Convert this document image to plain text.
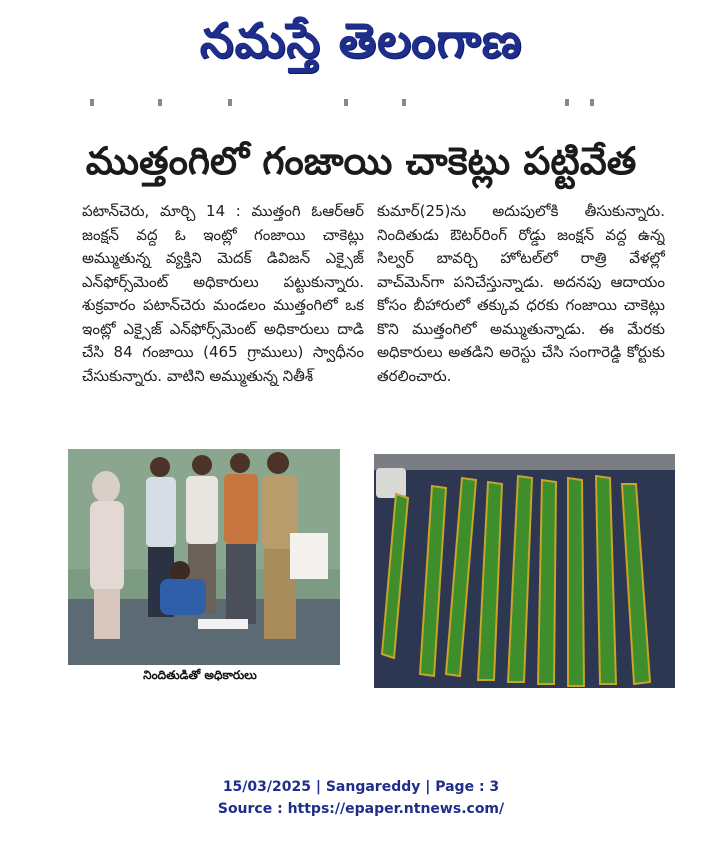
నమస్తే తెలంగాణ
ముత్తంగిలో గంజాయి చాకెట్లు పట్టివేత
పటాన్‌చెరు, మార్చి 14 : ముత్తంగి ఓఆర్‌ఆర్ జంక్షన్ వద్ద ఓ ఇంట్లో గంజాయి చాకెట్లు అమ్ముతున్న వ్యక్తిని మెదక్ డివిజన్ ఎక్సైజ్ ఎన్‌ఫోర్స్‌మెంట్ అధికారులు పట్టుకున్నారు. శుక్రవారం పటాన్‌చెరు మండలం ముత్తంగిలో ఒక ఇంట్లో ఎక్సైజ్ ఎన్‌ఫోర్స్‌మెంట్ అధికారులు దాడి చేసి 84 గంజాయి (465 గ్రాములు) స్వాధీనం చేసుకున్నారు. వాటిని అమ్ముతున్న నితీశ్
కుమార్(25)ను అదుపులోకి తీసుకున్నారు. నిందితుడు ఔటర్‌రింగ్ రోడ్డు జంక్షన్ వద్ద ఉన్న సిల్వర్ బావర్చి హోటల్‌లో రాత్రి వేళల్లో వాచ్‌మెన్‌గా పనిచేస్తున్నాడు. అదనపు ఆదాయం కోసం బీహారులో తక్కువ ధరకు గంజాయి చాకెట్లు కొని ముత్తంగిలో అమ్ముతున్నాడు. ఈ మేరకు అధికారులు అతడిని అరెస్టు చేసి సంగారెడ్డి కోర్టుకు తరలించారు.
నిందితుడితో అధికారులు
15/03/2025 | Sangareddy | Page : 3
Source : https://epaper.ntnews.com/
